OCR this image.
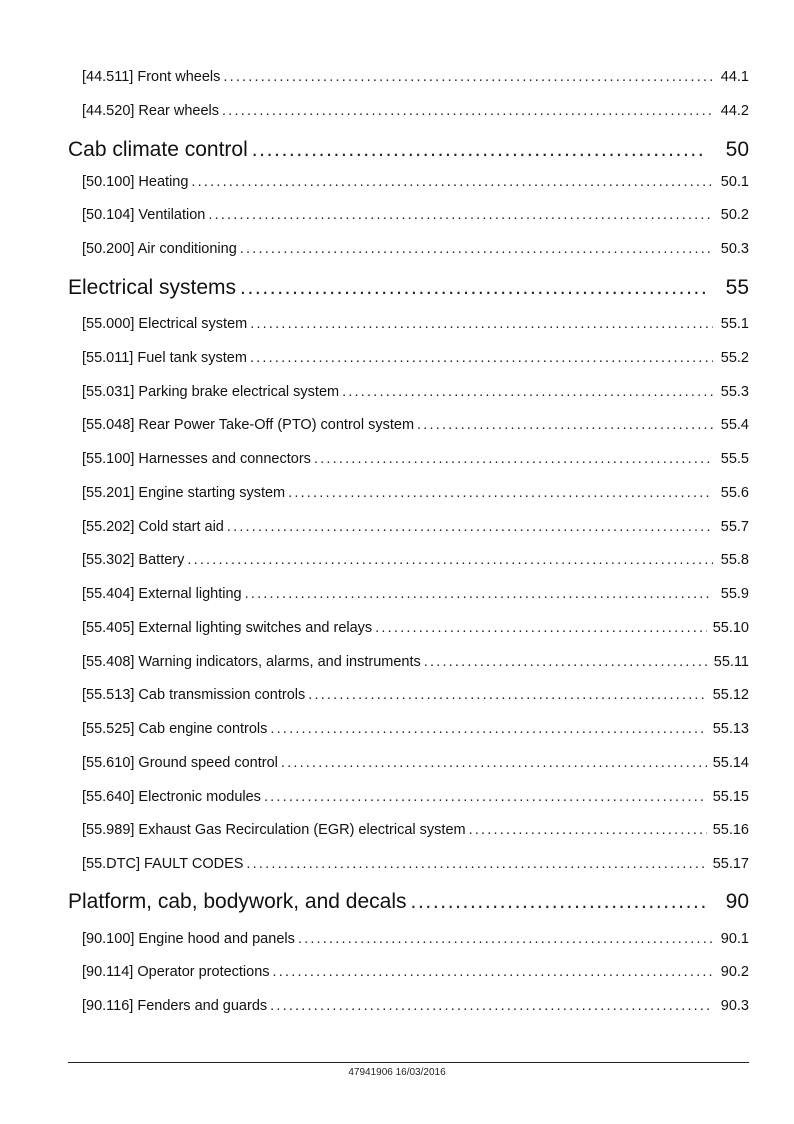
[44.511] Front wheels .....	44.1
[44.520] Rear wheels .....	44.2
Cab climate control .....	50
[50.100] Heating .....	50.1
[50.104] Ventilation .....	50.2
[50.200] Air conditioning .....	50.3
Electrical systems .....	55
[55.000] Electrical system .....	55.1
[55.011] Fuel tank system .....	55.2
[55.031] Parking brake electrical system .....	55.3
[55.048] Rear Power Take-Off (PTO) control system .....	55.4
[55.100] Harnesses and connectors .....	55.5
[55.201] Engine starting system .....	55.6
[55.202] Cold start aid .....	55.7
[55.302] Battery .....	55.8
[55.404] External lighting .....	55.9
[55.405] External lighting switches and relays .....	55.10
[55.408] Warning indicators, alarms, and instruments .....	55.11
[55.513] Cab transmission controls .....	55.12
[55.525] Cab engine controls .....	55.13
[55.610] Ground speed control .....	55.14
[55.640] Electronic modules .....	55.15
[55.989] Exhaust Gas Recirculation (EGR) electrical system .....	55.16
[55.DTC] FAULT CODES .....	55.17
Platform, cab, bodywork, and decals .....	90
[90.100] Engine hood and panels .....	90.1
[90.114] Operator protections .....	90.2
[90.116] Fenders and guards .....	90.3
47941906 16/03/2016
